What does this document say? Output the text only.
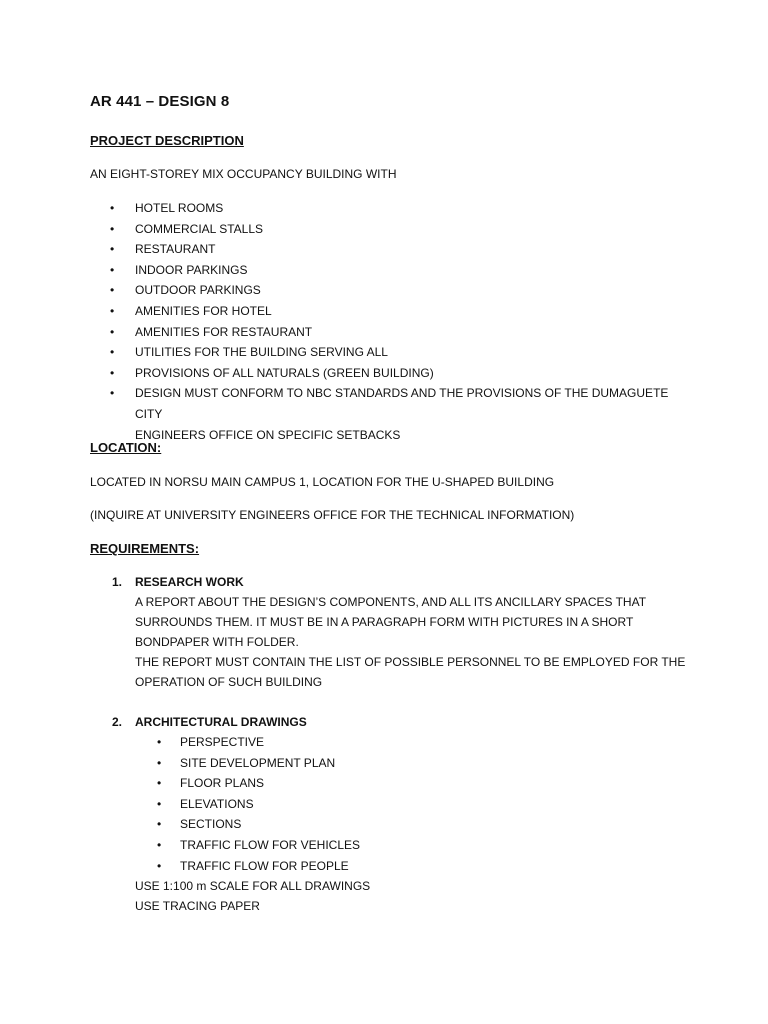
AR 441 – DESIGN 8
PROJECT DESCRIPTION
AN EIGHT-STOREY MIX OCCUPANCY BUILDING WITH
• HOTEL ROOMS
• COMMERCIAL STALLS
• RESTAURANT
• INDOOR PARKINGS
• OUTDOOR PARKINGS
• AMENITIES FOR HOTEL
• AMENITIES FOR RESTAURANT
• UTILITIES FOR THE BUILDING SERVING ALL
• PROVISIONS OF ALL NATURALS (GREEN BUILDING)
• DESIGN MUST CONFORM TO NBC STANDARDS AND THE PROVISIONS OF THE DUMAGUETE CITY
ENGINEERS OFFICE ON SPECIFIC SETBACKS
LOCATION:
LOCATED IN NORSU MAIN CAMPUS 1, LOCATION FOR THE U-SHAPED BUILDING
(INQUIRE AT UNIVERSITY ENGINEERS OFFICE FOR THE TECHNICAL INFORMATION)
REQUIREMENTS:
1. RESEARCH WORK
A REPORT ABOUT THE DESIGN’S COMPONENTS, AND ALL ITS ANCILLARY SPACES THAT
SURROUNDS THEM. IT MUST BE IN A PARAGRAPH FORM WITH PICTURES IN A SHORT
BONDPAPER WITH FOLDER.
THE REPORT MUST CONTAIN THE LIST OF POSSIBLE PERSONNEL TO BE EMPLOYED FOR THE
OPERATION OF SUCH BUILDING
2. ARCHITECTURAL DRAWINGS
• PERSPECTIVE
• SITE DEVELOPMENT PLAN
• FLOOR PLANS
• ELEVATIONS
• SECTIONS
• TRAFFIC FLOW FOR VEHICLES
• TRAFFIC FLOW FOR PEOPLE
USE 1:100 m SCALE FOR ALL DRAWINGS
USE TRACING PAPER
